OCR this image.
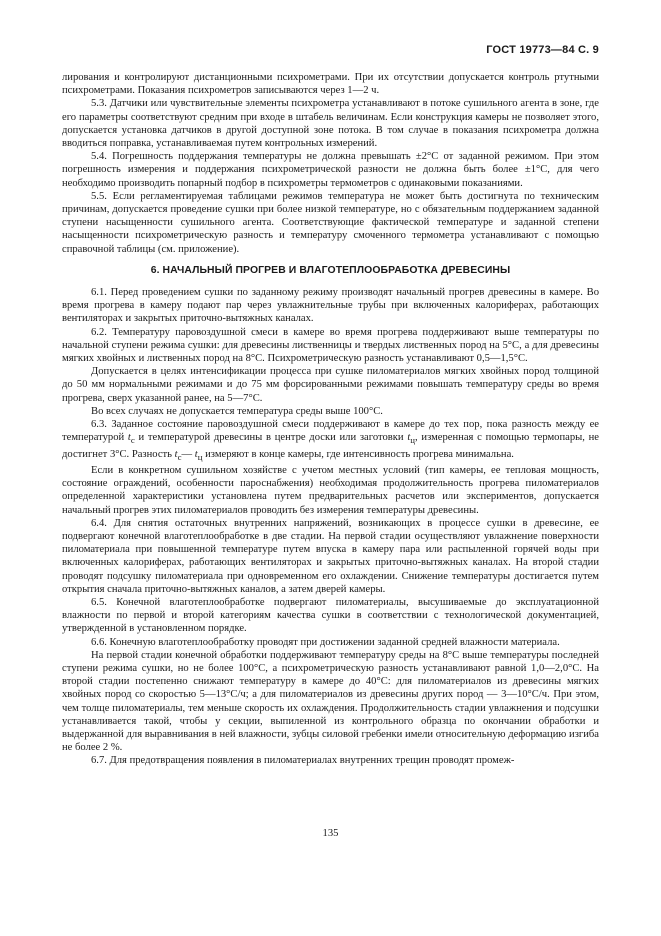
ГОСТ 19773—84 С. 9

лирования и контролируют дистанционными психрометрами. При их отсутствии допускается контроль ртутными психрометрами. Показания психрометров записываются через 1—2 ч.

5.3. Датчики или чувствительные элементы психрометра устанавливают в потоке сушильного агента в зоне, где его параметры соответствуют средним при входе в штабель величинам. Если конструкция камеры не позволяет этого, допускается установка датчиков в другой доступной зоне потока. В том случае в показания психрометра должна вводиться поправка, устанавливаемая путем контрольных измерений.

5.4. Погрешность поддержания температуры не должна превышать ±2°С от заданной режимом. При этом погрешность измерения и поддержания психрометрической разности не должна быть более ±1°С, для чего необходимо производить попарный подбор в психрометры термометров с одинаковыми показаниями.

5.5. Если регламентируемая таблицами режимов температура не может быть достигнута по техническим причинам, допускается проведение сушки при более низкой температуре, но с обязательным поддержанием заданной ступени насыщенности сушильного агента. Соответствующие фактической температуре и заданной степени насыщенности психрометрическую разность и температуру смоченного термометра устанавливают с помощью справочной таблицы (см. приложение).

6. НАЧАЛЬНЫЙ ПРОГРЕВ И ВЛАГОТЕПЛООБРАБОТКА ДРЕВЕСИНЫ

6.1. Перед проведением сушки по заданному режиму производят начальный прогрев древесины в камере. Во время прогрева в камеру подают пар через увлажнительные трубы при включенных калориферах, работающих вентиляторах и закрытых приточно-вытяжных каналах.

6.2. Температуру паровоздушной смеси в камере во время прогрева поддерживают выше температуры по начальной ступени режима сушки: для древесины лиственницы и твердых лиственных пород на 5°С, а для древесины мягких хвойных и лиственных пород на 8°С. Психрометрическую разность устанавливают 0,5—1,5°С.

Допускается в целях интенсификации процесса при сушке пиломатериалов мягких хвойных пород толщиной до 50 мм нормальными режимами и до 75 мм форсированными режимами повышать температуру среды во время прогрева, сверх указанной ранее, на 5—7°С.

Во всех случаях не допускается температура среды выше 100°С.

6.3. Заданное состояние паровоздушной смеси поддерживают в камере до тех пор, пока разность между ее температурой $t_с$ и температурой древесины в центре доски или заготовки $t_ц$, измеренная с помощью термопары, не достигнет 3°С. Разность $t_с—$ $t_ц$ измеряют в конце камеры, где интенсивность прогрева минимальна.

Если в конкретном сушильном хозяйстве с учетом местных условий (тип камеры, ее тепловая мощность, состояние ограждений, особенности пароснабжения) необходимая продолжительность прогрева пиломатериалов определенной характеристики установлена путем предварительных расчетов или экспериментов, допускается начальный прогрев этих пиломатериалов проводить без измерения температуры древесины.

6.4. Для снятия остаточных внутренних напряжений, возникающих в процессе сушки в древесине, ее подвергают конечной влаготеплообработке в две стадии. На первой стадии осуществляют увлажнение поверхности пиломатериала при повышенной температуре путем впуска в камеру пара или распыленной горячей воды при включенных калориферах, работающих вентиляторах и закрытых приточно-вытяжных каналах. На второй стадии проводят подсушку пиломатериала при одновременном его охлаждении. Снижение температуры достигается путем открытия сначала приточно-вытяжных каналов, а затем дверей камеры.

6.5. Конечной влаготеплообработке подвергают пиломатериалы, высушиваемые до эксплуатационной влажности по первой и второй категориям качества сушки в соответствии с технологической документацией, утвержденной в установленном порядке.

6.6. Конечную влаготеплообработку проводят при достижении заданной средней влажности материала.

На первой стадии конечной обработки поддерживают температуру среды на 8°С выше температуры последней ступени режима сушки, но не более 100°С, а психрометрическую разность устанавливают равной 1,0—2,0°С. На второй стадии постепенно снижают температуру в камере до 40°С: для пиломатериалов из древесины мягких хвойных пород со скоростью 5—13°С/ч; а для пиломатериалов из древесины других пород — 3—10°С/ч. При этом, чем толще пиломатериалы, тем меньше скорость их охлаждения. Продолжительность стадии увлажнения и подсушки устанавливается такой, чтобы у секции, выпиленной из контрольного образца по окончании обработки и выдержанной для выравнивания в ней влажности, зубцы силовой гребенки имели относительную деформацию изгиба не более 2 %.

6.7. Для предотвращения появления в пиломатериалах внутренних трещин проводят промеж-

135
